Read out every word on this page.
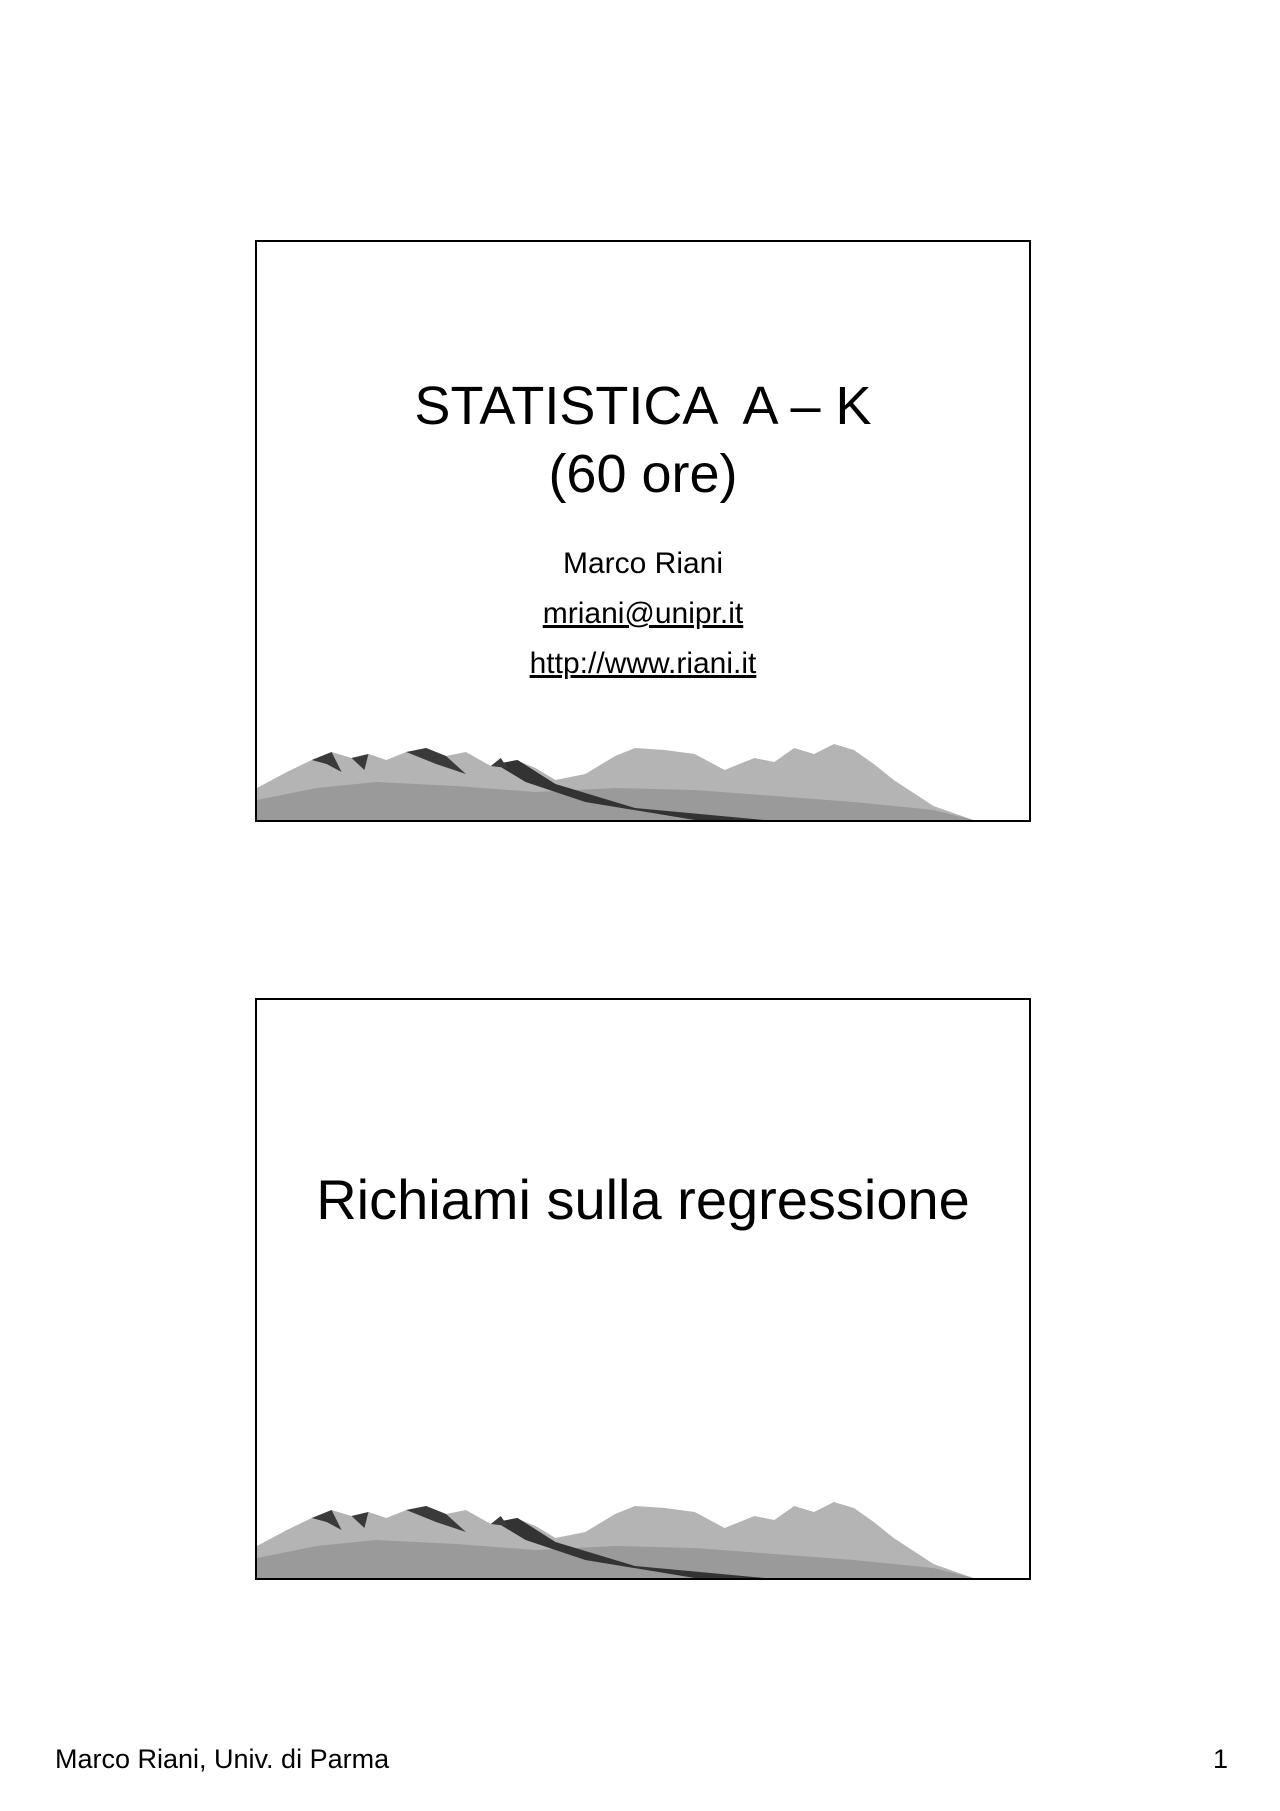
STATISTICA  A – K
(60 ore)
Marco Riani
mriani@unipr.it
http://www.riani.it
Richiami sulla regressione
Marco Riani, Univ. di Parma	1
